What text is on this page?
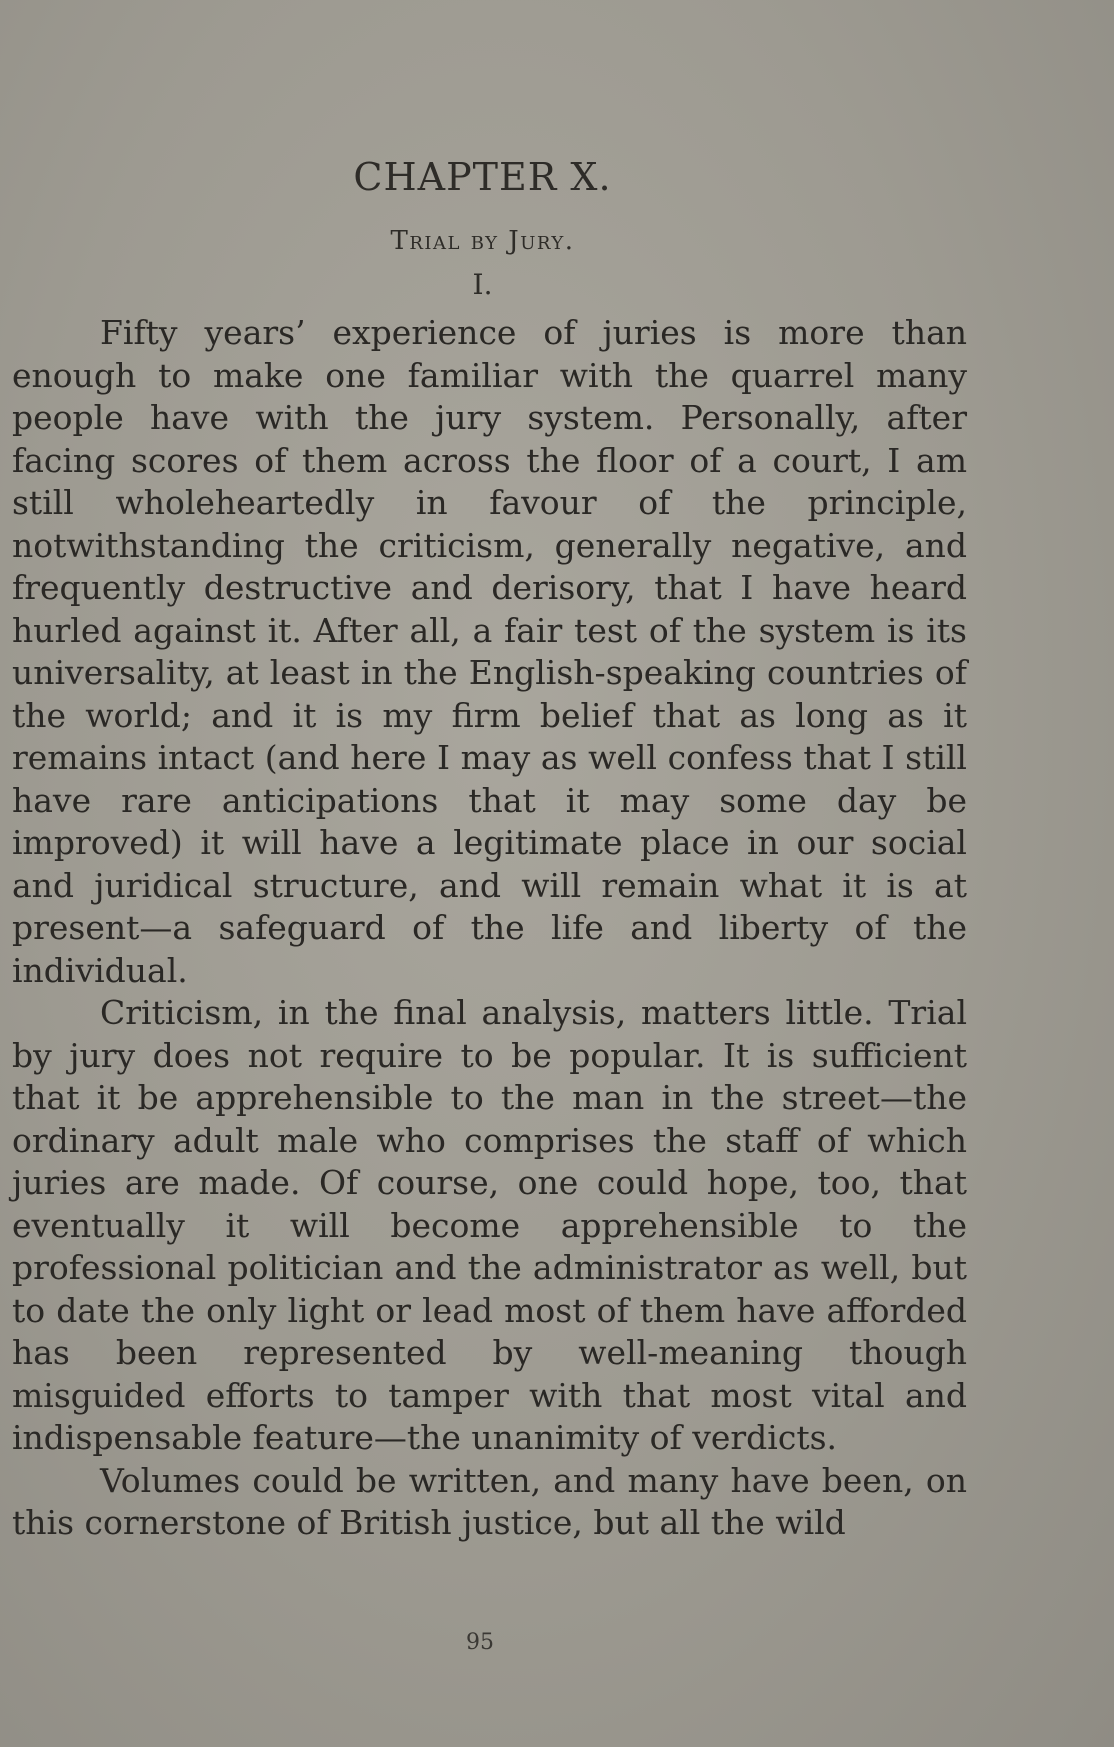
CHAPTER X.
Trial by Jury.
I.

Fifty years’ experience of juries is more than enough to make one familiar with the quarrel many people have with the jury system. Personally, after facing scores of them across the floor of a court, I am still wholeheartedly in favour of the principle, notwithstanding the criticism, generally negative, and frequently destructive and derisory, that I have heard hurled against it. After all, a fair test of the system is its universality, at least in the English-speaking countries of the world; and it is my firm belief that as long as it remains intact (and here I may as well confess that I still have rare anticipations that it may some day be improved) it will have a legitimate place in our social and juridical structure, and will remain what it is at present—a safeguard of the life and liberty of the individual.

Criticism, in the final analysis, matters little. Trial by jury does not require to be popular. It is sufficient that it be apprehensible to the man in the street—the ordinary adult male who comprises the staff of which juries are made. Of course, one could hope, too, that eventually it will become apprehensible to the professional politician and the administrator as well, but to date the only light or lead most of them have afforded has been represented by well-meaning though misguided efforts to tamper with that most vital and indispensable feature—the unanimity of verdicts.

Volumes could be written, and many have been, on this cornerstone of British justice, but all the wild

95
